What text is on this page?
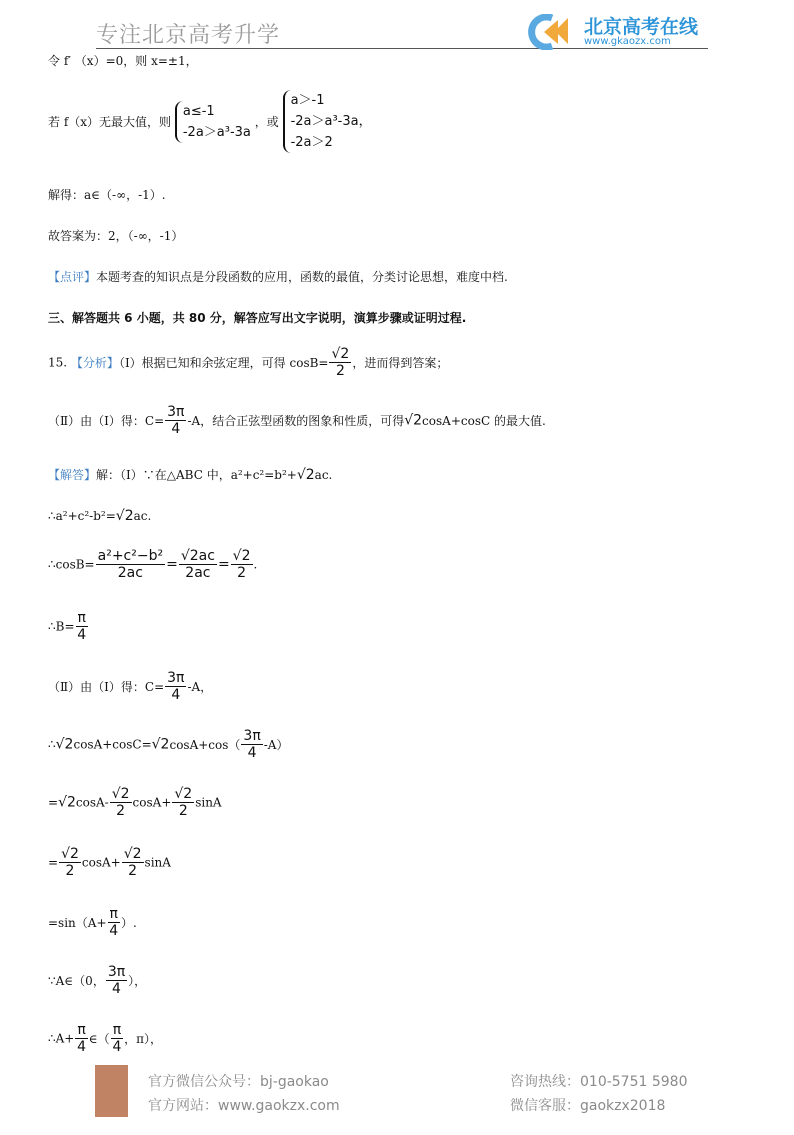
专注北京高考升学	北京高考在线
www.gkaozx.com
令 f′ （x）=0，则 x=±1，
若 f（x）无最大值，则
a≤-1
-2a＞a³-3a
，或
a＞-1
-2a＞a³-3a，
-2a＞2
解得：a∈（-∞，-1）.
故答案为：2，（-∞，-1）
【点评】本题考查的知识点是分段函数的应用，函数的最值，分类讨论思想，难度中档.
三、解答题共 6 小题，共 80 分，解答应写出文字说明，演算步骤或证明过程.
15. 【分析】（Ⅰ）根据已知和余弦定理，可得 $\cos B= \frac{√2}{2}$ ，进而得到答案；
（Ⅱ）由（Ⅰ）得：$C= \frac{3\pi}{4} -A$，结合正弦型函数的图象和性质，可得√2cosA+cosC 的最大值.
【解答】解：（Ⅰ）∵在△ABC 中，a²+c²=b²+√2ac.
∴a²+c²-b²=√2ac.
∴cosB= $\frac{\text{a²+c²−b²}}{2ac} = \frac{√2ac}{2ac} = \frac{√2}{2}$ .
∴B= $\frac{\pi}{4}$
（Ⅱ）由（Ⅰ）得：$C= \frac{3\pi}{4} -A$，
∴√2cosA+cosC=√2cosA+cos（ $\frac{3\pi}{4} -A$）
$=√2\cos A- \frac{√2}{2} \cos A+ \frac{√2}{2}$ sinA
= $\frac{√2}{2} \cos A+ \frac{√2}{2}$ sinA
$=\sin(A+ \frac{\pi}{4}$ ）.
∵A∈（0， $\frac{3\pi}{4}$ ），
∴A+ $\frac{\pi}{4}$ ∈（ $\frac{\pi}{4}$ ，π），
官方微信公众号：bj-gaokao
官方网站：www.gaokzx.com
咨询热线：010-5751 5980
微信客服：gaokzx2018
